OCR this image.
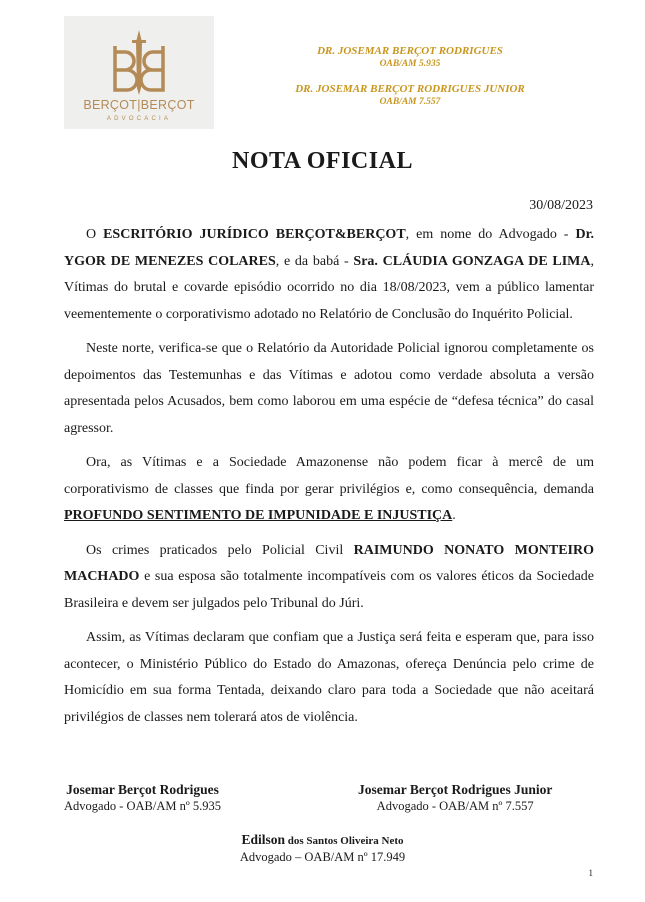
BERÇOT|BERÇOT
ADVOCACIA
DR. JOSEMAR BERÇOT RODRIGUES
OAB/AM 5.935
DR. JOSEMAR BERÇOT RODRIGUES JUNIOR
OAB/AM 7.557
NOTA OFICIAL
30/08/2023

O ESCRITÓRIO JURÍDICO BERÇOT&BERÇOT, em nome do Advogado - Dr. YGOR DE MENEZES COLARES, e da babá - Sra. CLÁUDIA GONZAGA DE LIMA, Vítimas do brutal e covarde episódio ocorrido no dia 18/08/2023, vem a público lamentar veementemente o corporativismo adotado no Relatório de Conclusão do Inquérito Policial.

Neste norte, verifica-se que o Relatório da Autoridade Policial ignorou completamente os depoimentos das Testemunhas e das Vítimas e adotou como verdade absoluta a versão apresentada pelos Acusados, bem como laborou em uma espécie de “defesa técnica” do casal agressor.

Ora, as Vítimas e a Sociedade Amazonense não podem ficar à mercê de um corporativismo de classes que finda por gerar privilégios e, como consequência, demanda PROFUNDO SENTIMENTO DE IMPUNIDADE E INJUSTIÇA.

Os crimes praticados pelo Policial Civil RAIMUNDO NONATO MONTEIRO MACHADO e sua esposa são totalmente incompatíveis com os valores éticos da Sociedade Brasileira e devem ser julgados pelo Tribunal do Júri.

Assim, as Vítimas declaram que confiam que a Justiça será feita e esperam que, para isso acontecer, o Ministério Público do Estado do Amazonas, ofereça Denúncia pelo crime de Homicídio em sua forma Tentada, deixando claro para toda a Sociedade que não aceitará privilégios de classes nem tolerará atos de violência.

Josemar Berçot Rodrigues
Advogado - OAB/AM nº 5.935
Josemar Berçot Rodrigues Junior
Advogado - OAB/AM nº 7.557
Edilson dos Santos Oliveira Neto
Advogado – OAB/AM nº 17.949
1
